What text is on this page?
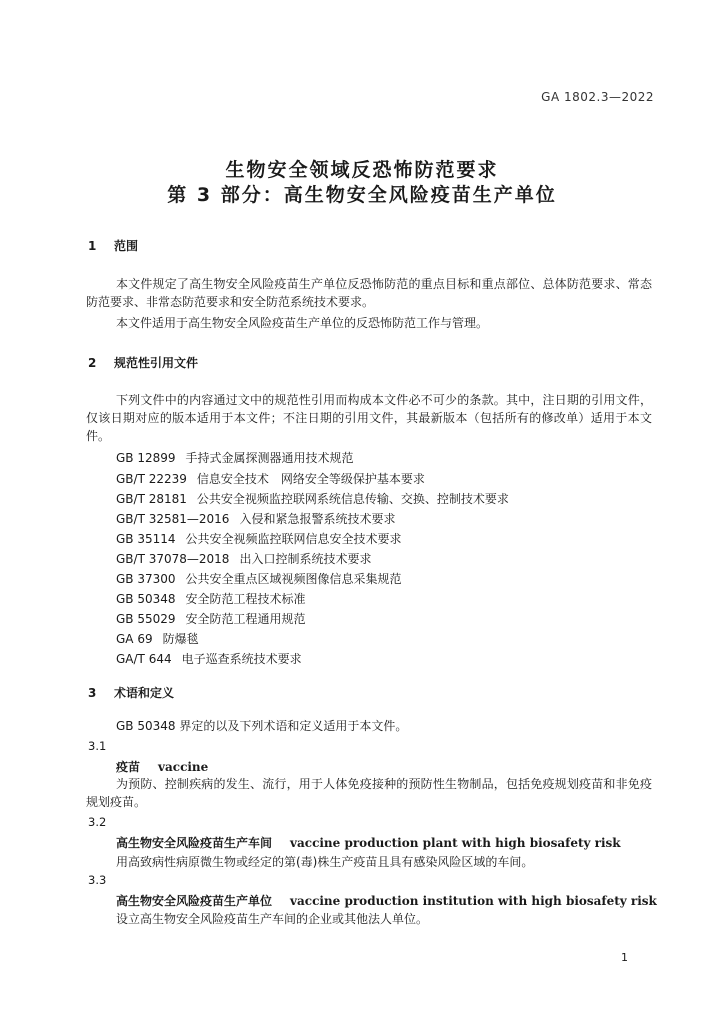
GA 1802.3—2022
生物安全领域反恐怖防范要求
第 3 部分：高生物安全风险疫苗生产单位
1 范围
本文件规定了高生物安全风险疫苗生产单位反恐怖防范的重点目标和重点部位、总体防范要求、常态防范要求、非常态防范要求和安全防范系统技术要求。
本文件适用于高生物安全风险疫苗生产单位的反恐怖防范工作与管理。
2 规范性引用文件
下列文件中的内容通过文中的规范性引用而构成本文件必不可少的条款。其中，注日期的引用文件，仅该日期对应的版本适用于本文件；不注日期的引用文件，其最新版本（包括所有的修改单）适用于本文件。
GB 12899 手持式金属探测器通用技术规范
GB/T 22239 信息安全技术　网络安全等级保护基本要求
GB/T 28181 公共安全视频监控联网系统信息传输、交换、控制技术要求
GB/T 32581—2016 入侵和紧急报警系统技术要求
GB 35114 公共安全视频监控联网信息安全技术要求
GB/T 37078—2018 出入口控制系统技术要求
GB 37300 公共安全重点区域视频图像信息采集规范
GB 50348 安全防范工程技术标准
GB 55029 安全防范工程通用规范
GA 69 防爆毯
GA/T 644 电子巡查系统技术要求
3 术语和定义
GB 50348 界定的以及下列术语和定义适用于本文件。
3.1
疫苗 vaccine
为预防、控制疾病的发生、流行，用于人体免疫接种的预防性生物制品，包括免疫规划疫苗和非免疫规划疫苗。
3.2
高生物安全风险疫苗生产车间 vaccine production plant with high biosafety risk
用高致病性病原微生物或经定的第(毒)株生产疫苗且具有感染风险区域的车间。
3.3
高生物安全风险疫苗生产单位 vaccine production institution with high biosafety risk
设立高生物安全风险疫苗生产车间的企业或其他法人单位。
1
